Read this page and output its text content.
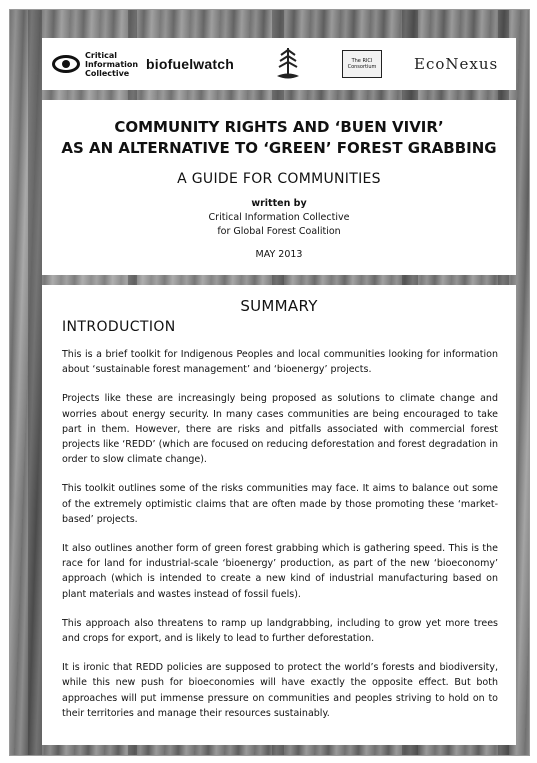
Critical
Information
Collective
biofuelwatch	The RICI
Consortium	EcoNexus
COMMUNITY RIGHTS AND ‘BUEN VIVIR’
AS AN ALTERNATIVE TO ‘GREEN’ FOREST GRABBING
A GUIDE FOR COMMUNITIES
written by
Critical Information Collective
for Global Forest Coalition
MAY 2013
SUMMARY
INTRODUCTION

This is a brief toolkit for Indigenous Peoples and local communities looking for information about ‘sustainable forest management’ and ‘bioenergy’ projects.

Projects like these are increasingly being proposed as solutions to climate change and worries about energy security. In many cases communities are being encouraged to take part in them. However, there are risks and pitfalls associated with commercial forest projects like ‘REDD’ (which are focused on reducing deforestation and forest degradation in order to slow climate change).

This toolkit outlines some of the risks communities may face. It aims to balance out some of the extremely optimistic claims that are often made by those promoting these ‘market-based’ projects.

It also outlines another form of green forest grabbing which is gathering speed. This is the race for land for industrial-scale ‘bioenergy’ production, as part of the new ‘bioeconomy’ approach (which is intended to create a new kind of industrial manufacturing based on plant materials and wastes instead of fossil fuels).

This approach also threatens to ramp up landgrabbing, including to grow yet more trees and crops for export, and is likely to lead to further deforestation.

It is ironic that REDD policies are supposed to protect the world’s forests and biodiversity, while this new push for bioeconomies will have exactly the opposite effect. But both approaches will put immense pressure on communities and peoples striving to hold on to their territories and manage their resources sustainably.
